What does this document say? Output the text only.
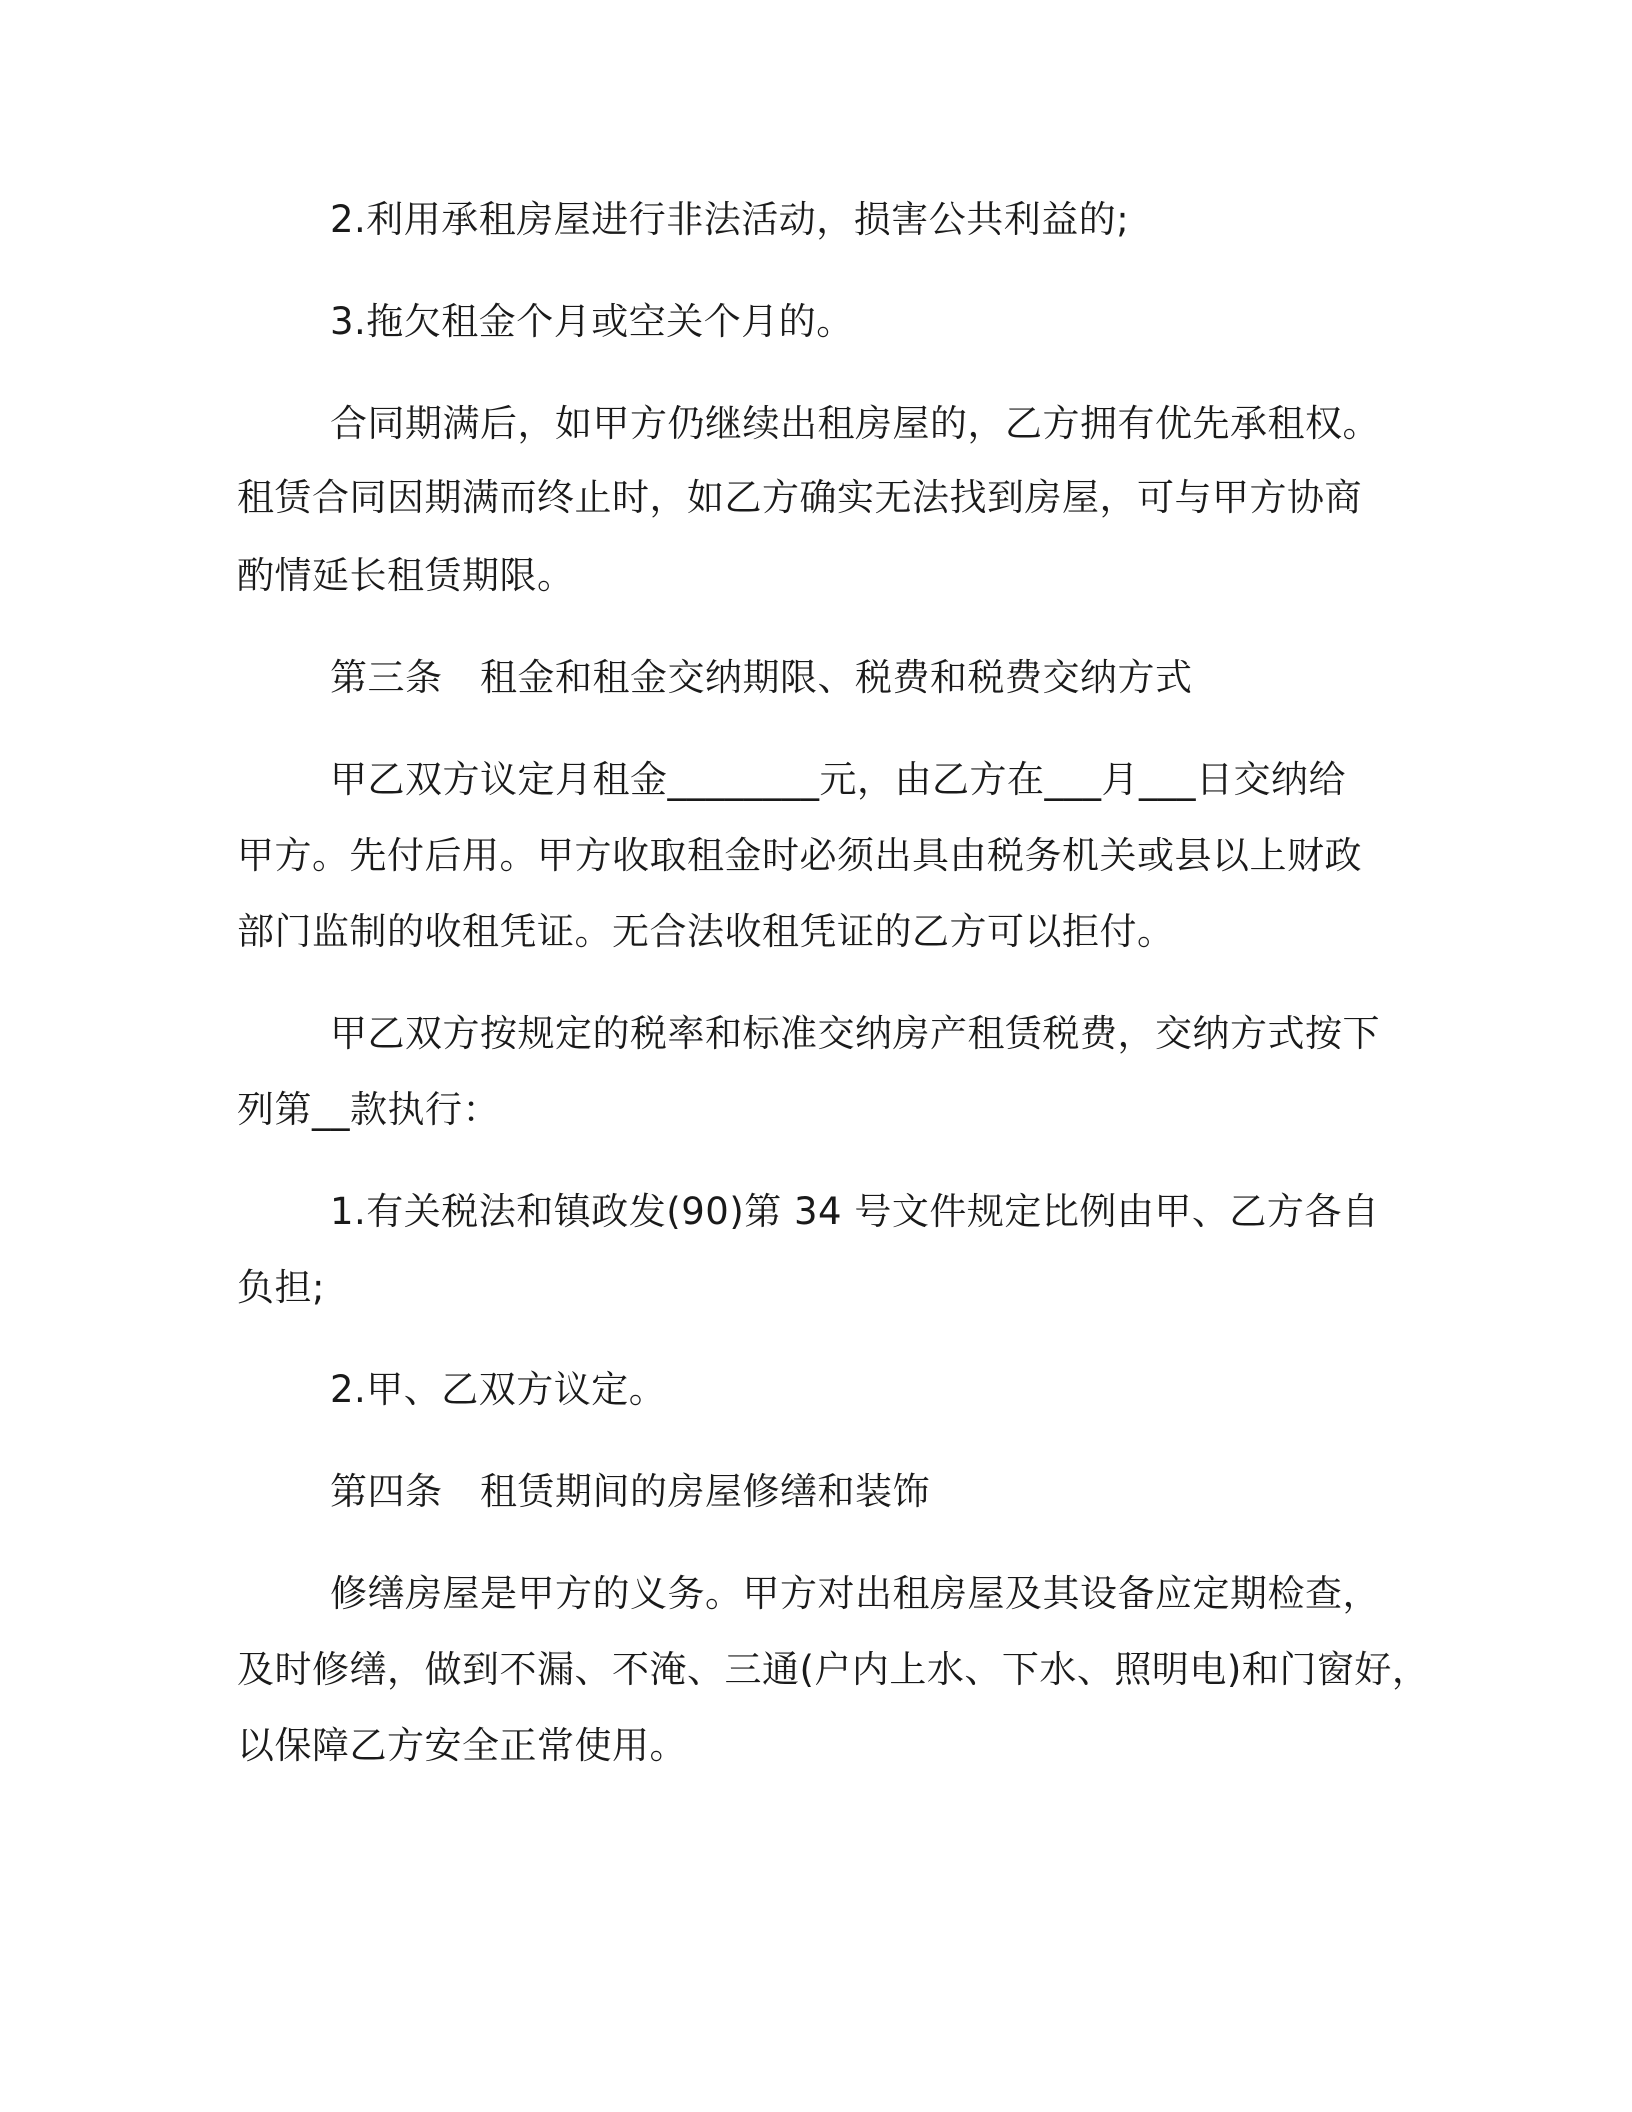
2.利用承租房屋进行非法活动，损害公共利益的;
3.拖欠租金个月或空关个月的。
合同期满后，如甲方仍继续出租房屋的，乙方拥有优先承租权。
租赁合同因期满而终止时，如乙方确实无法找到房屋，可与甲方协商
酌情延长租赁期限。
第三条　租金和租金交纳期限、税费和税费交纳方式
甲乙双方议定月租金________元，由乙方在___月___日交纳给
甲方。先付后用。甲方收取租金时必须出具由税务机关或县以上财政
部门监制的收租凭证。无合法收租凭证的乙方可以拒付。
甲乙双方按规定的税率和标准交纳房产租赁税费，交纳方式按下
列第__款执行：
1.有关税法和镇政发(90)第 34 号文件规定比例由甲、乙方各自
负担;
2.甲、乙双方议定。
第四条　租赁期间的房屋修缮和装饰
修缮房屋是甲方的义务。甲方对出租房屋及其设备应定期检查，
及时修缮，做到不漏、不淹、三通(户内上水、下水、照明电)和门窗好，
以保障乙方安全正常使用。
